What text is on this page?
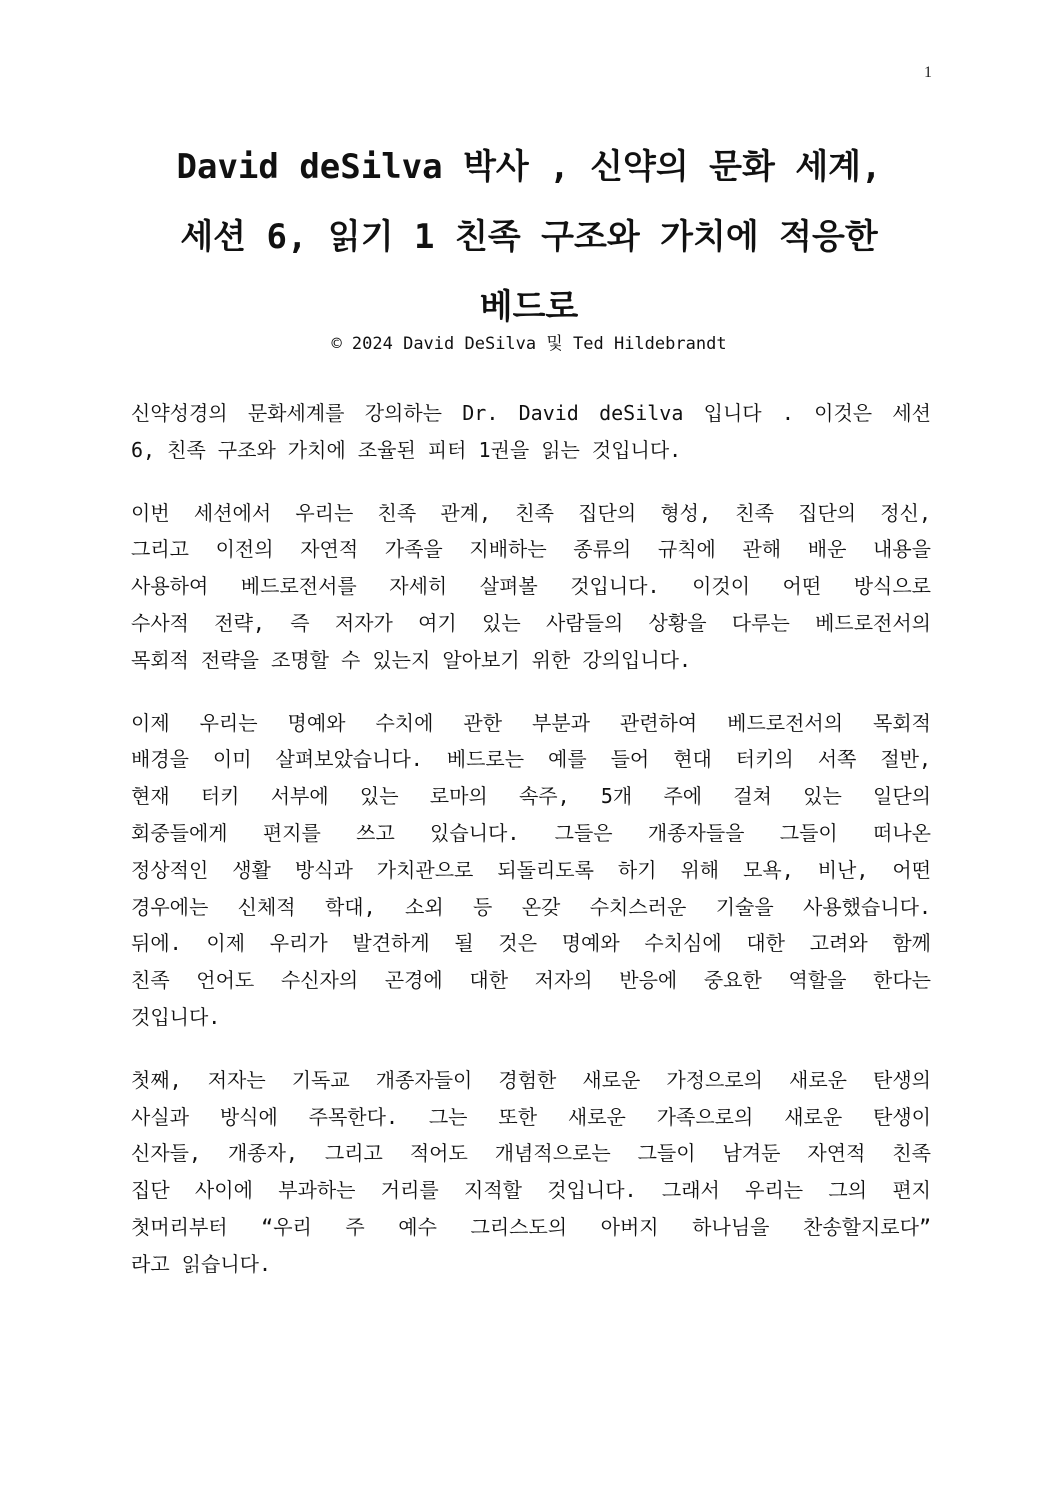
1
David deSilva 박사 , 신약의 문화 세계,
세션 6, 읽기 1 친족 구조와 가치에 적응한
베드로
© 2024 David DeSilva 및 Ted Hildebrandt

신약성경의 문화세계를 강의하는 Dr. David deSilva 입니다 . 이것은 세션
6, 친족 구조와 가치에 조율된 피터 1권을 읽는 것입니다.

이번 세션에서 우리는 친족 관계, 친족 집단의 형성, 친족 집단의 정신,
그리고 이전의 자연적 가족을 지배하는 종류의 규칙에 관해 배운 내용을
사용하여 베드로전서를 자세히 살펴볼 것입니다. 이것이 어떤 방식으로
수사적 전략, 즉 저자가 여기 있는 사람들의 상황을 다루는 베드로전서의
목회적 전략을 조명할 수 있는지 알아보기 위한 강의입니다.

이제 우리는 명예와 수치에 관한 부분과 관련하여 베드로전서의 목회적
배경을 이미 살펴보았습니다. 베드로는 예를 들어 현대 터키의 서쪽 절반,
현재 터키 서부에 있는 로마의 속주, 5개 주에 걸쳐 있는 일단의
회중들에게 편지를 쓰고 있습니다. 그들은 개종자들을 그들이 떠나온
정상적인 생활 방식과 가치관으로 되돌리도록 하기 위해 모욕, 비난, 어떤
경우에는 신체적 학대, 소외 등 온갖 수치스러운 기술을 사용했습니다.
뒤에. 이제 우리가 발견하게 될 것은 명예와 수치심에 대한 고려와 함께
친족 언어도 수신자의 곤경에 대한 저자의 반응에 중요한 역할을 한다는
것입니다.

첫째, 저자는 기독교 개종자들이 경험한 새로운 가정으로의 새로운 탄생의
사실과 방식에 주목한다. 그는 또한 새로운 가족으로의 새로운 탄생이
신자들, 개종자, 그리고 적어도 개념적으로는 그들이 남겨둔 자연적 친족
집단 사이에 부과하는 거리를 지적할 것입니다. 그래서 우리는 그의 편지
첫머리부터 “우리 주 예수 그리스도의 아버지 하나님을 찬송할지로다”
라고 읽습니다.
